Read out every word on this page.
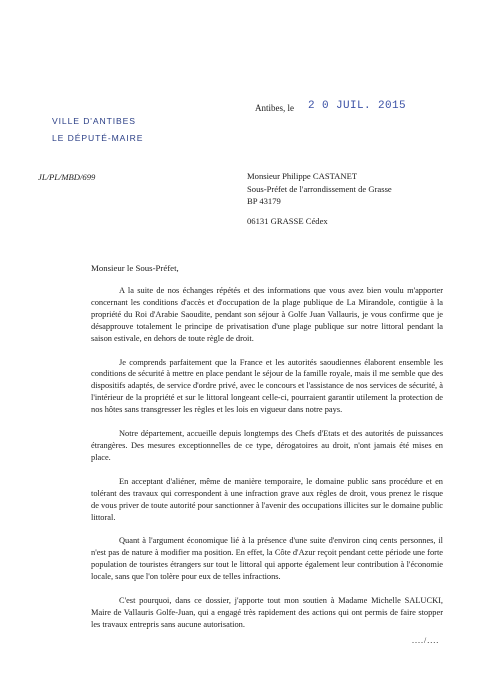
VILLE D'ANTIBES
LE DÉPUTÉ-MAIRE
Antibes, le 2 0 JUIL. 2015
JL/PL/MBD/699	Monsieur Philippe CASTANET
Sous-Préfet de l'arrondissement de Grasse
BP 43179
06131 GRASSE Cédex
Monsieur le Sous-Préfet,

A la suite de nos échanges répétés et des informations que vous avez bien voulu m'apporter concernant les conditions d'accès et d'occupation de la plage publique de La Mirandole, contigüe à la propriété du Roi d'Arabie Saoudite, pendant son séjour à Golfe Juan Vallauris, je vous confirme que je désapprouve totalement le principe de privatisation d'une plage publique sur notre littoral pendant la saison estivale, en dehors de toute règle de droit.

Je comprends parfaitement que la France et les autorités saoudiennes élaborent ensemble les conditions de sécurité à mettre en place pendant le séjour de la famille royale, mais il me semble que des dispositifs adaptés, de service d'ordre privé, avec le concours et l'assistance de nos services de sécurité, à l'intérieur de la propriété et sur le littoral longeant celle-ci, pourraient garantir utilement la protection de nos hôtes sans transgresser les règles et les lois en vigueur dans notre pays.

Notre département, accueille depuis longtemps des Chefs d'Etats et des autorités de puissances étrangères. Des mesures exceptionnelles de ce type, dérogatoires au droit, n'ont jamais été mises en place.

En acceptant d'aliéner, même de manière temporaire, le domaine public sans procédure et en tolérant des travaux qui correspondent à une infraction grave aux règles de droit, vous prenez le risque de vous priver de toute autorité pour sanctionner à l'avenir des occupations illicites sur le domaine public littoral.

Quant à l'argument économique lié à la présence d'une suite d'environ cinq cents personnes, il n'est pas de nature à modifier ma position. En effet, la Côte d'Azur reçoit pendant cette période une forte population de touristes étrangers sur tout le littoral qui apporte également leur contribution à l'économie locale, sans que l'on tolère pour eux de telles infractions.

C'est pourquoi, dans ce dossier, j'apporte tout mon soutien à Madame Michelle SALUCKI, Maire de Vallauris Golfe-Juan, qui a engagé très rapidement des actions qui ont permis de faire stopper les travaux entrepris sans aucune autorisation.

..../....
